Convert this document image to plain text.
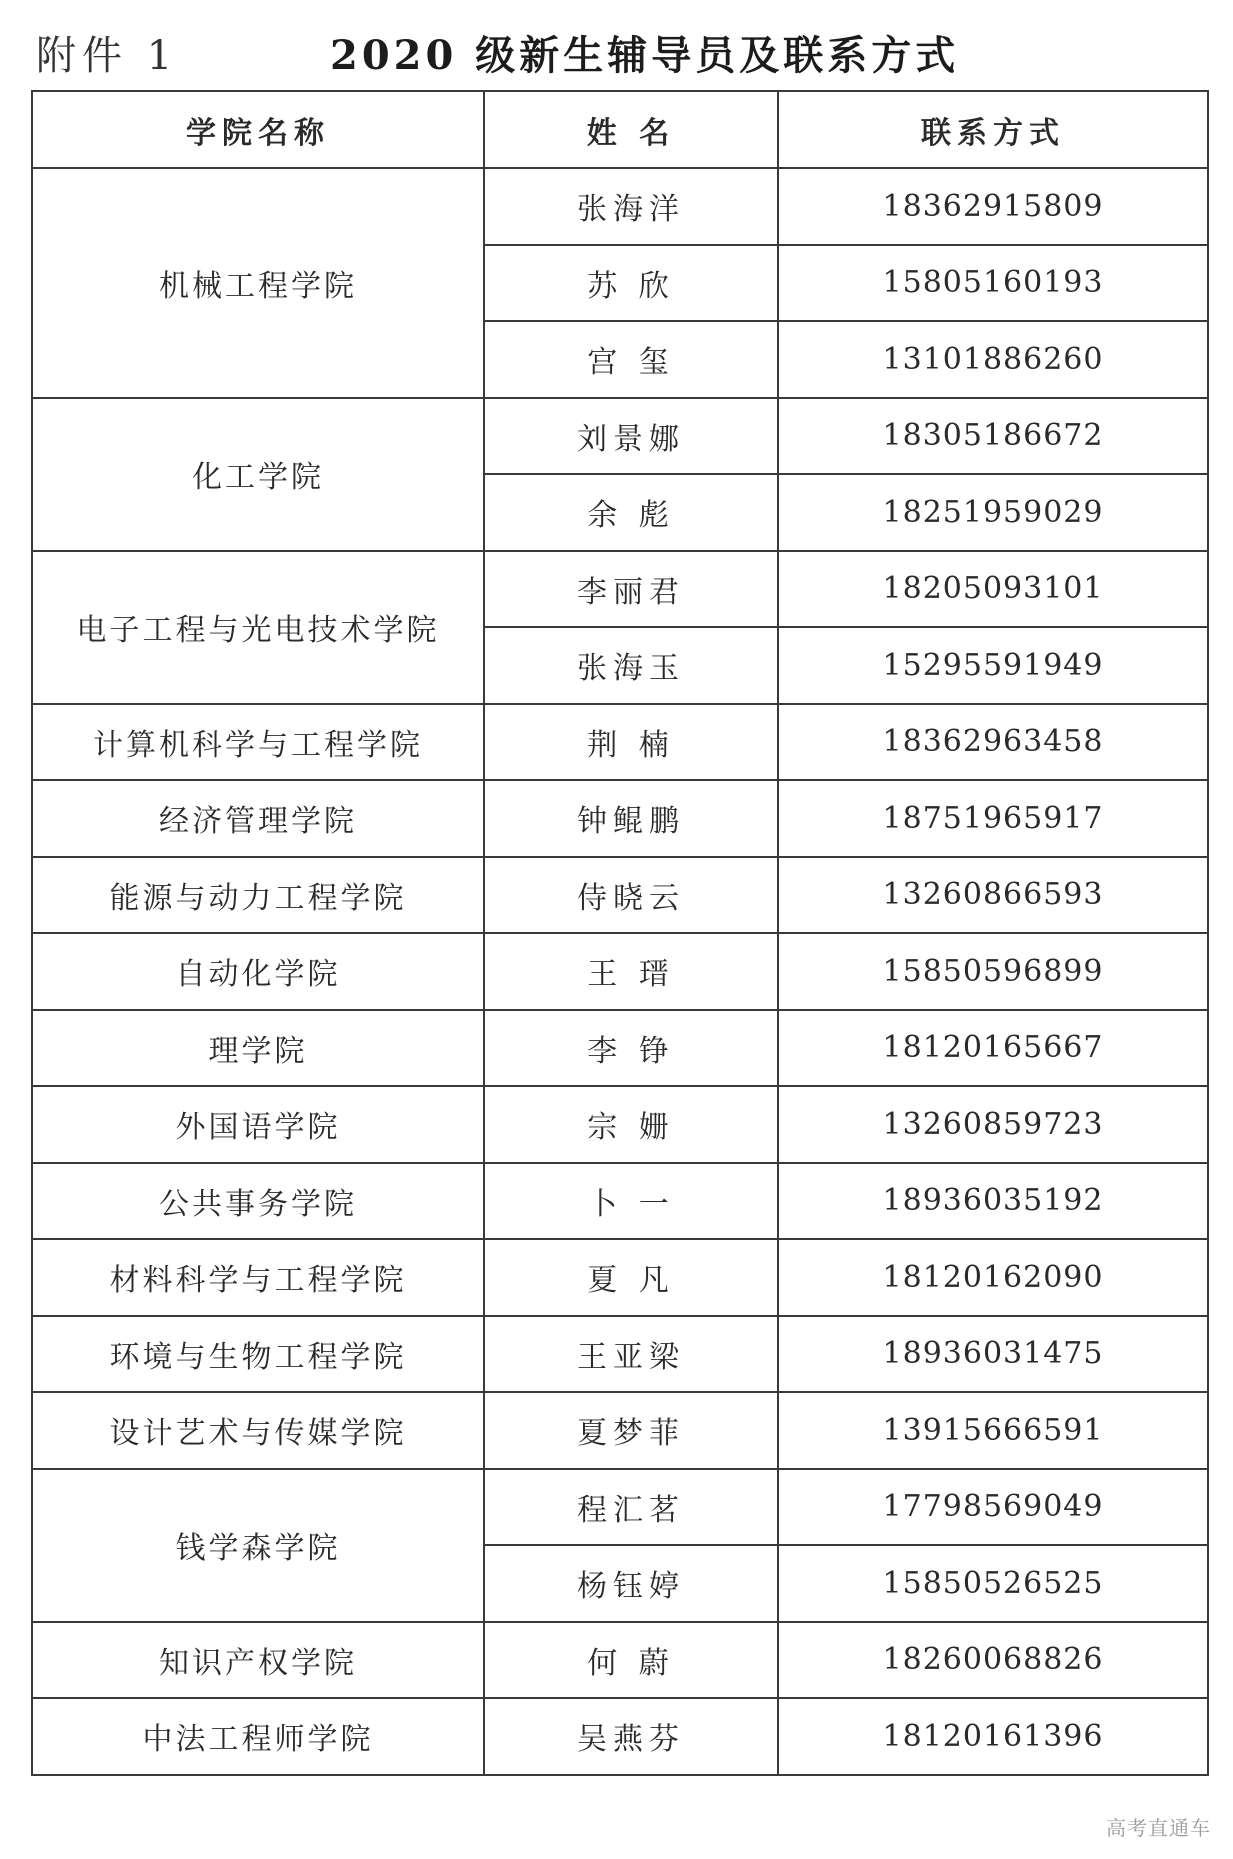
附件 1	2020 级新生辅导员及联系方式
学院名称	姓 名	联系方式
机械工程学院	张海洋	18362915809
	苏 欣	15805160193
	宫 玺	13101886260
化工学院	刘景娜	18305186672
	余 彪	18251959029
电子工程与光电技术学院	李丽君	18205093101
	张海玉	15295591949
计算机科学与工程学院	荆 楠	18362963458
经济管理学院	钟鲲鹏	18751965917
能源与动力工程学院	侍晓云	13260866593
自动化学院	王 瑨	15850596899
理学院	李 铮	18120165667
外国语学院	宗 姗	13260859723
公共事务学院	卜 一	18936035192
材料科学与工程学院	夏 凡	18120162090
环境与生物工程学院	王亚梁	18936031475
设计艺术与传媒学院	夏梦菲	13915666591
钱学森学院	程汇茗	17798569049
	杨钰婷	15850526525
知识产权学院	何 蔚	18260068826
中法工程师学院	吴燕芬	18120161396
高考直通车
